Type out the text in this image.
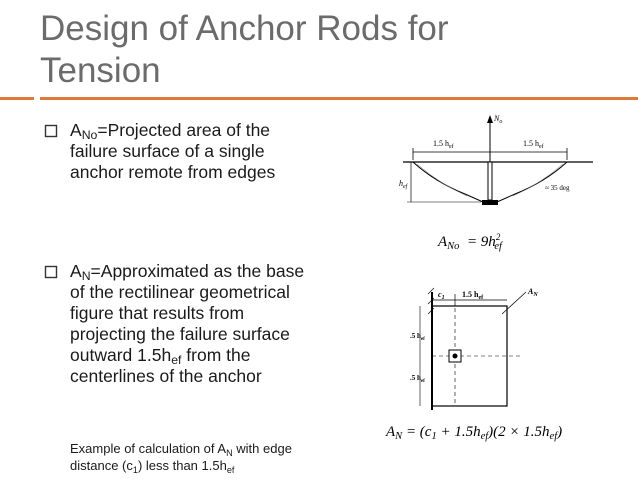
Design of Anchor Rods for Tension
$A_{No}=Projected$ area of the
failure surface of a single
anchor remote from edges
$A_N=Approximated$ as the base
of the rectilinear geometrical
figure that results from
projecting the failure surface
outward $1.5h_{ef}$ from the
centerlines of the anchor
Example of calculation of $A_N$ with edge
distance $(c_1)$ less than $1.5h_{ef}$
1.5 $h_{ef}$	1.5 $h_{ef}$
$N_o$
$h_{ef}$	≈ 35 deg
$A_{No} = 9h^2_{ef}$
$c_1$ 1.5 $h_{ef}$
$A_N$
.5 $h_{ef}$
.5 $h_{ef}$
$A_N = (c_1 + 1.5h_{ef})(2 \times 1.5h_{ef})$
